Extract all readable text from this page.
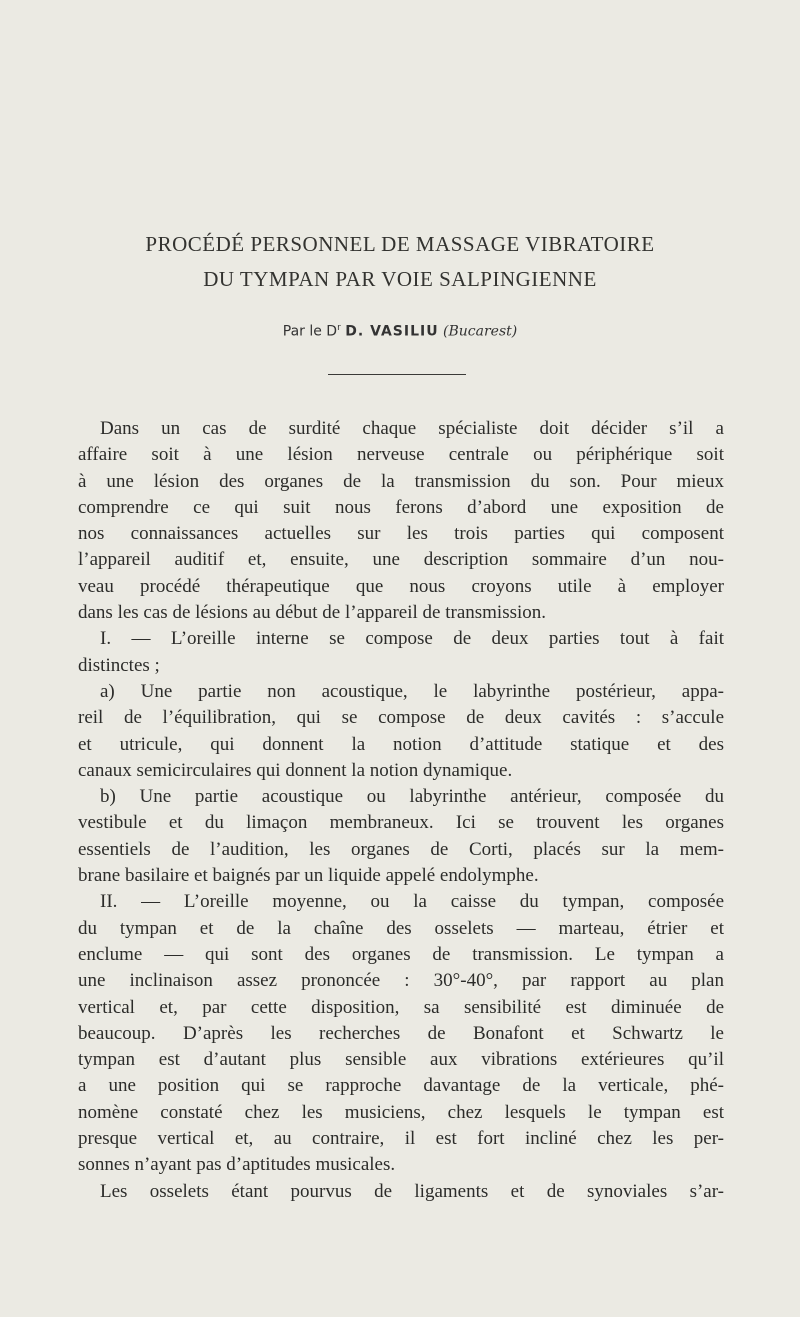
PROCÉDÉ PERSONNEL DE MASSAGE VIBRATOIRE
DU TYMPAN PAR VOIE SALPINGIENNE
Par le $D^r$ D. VASILIU (Bucarest)
Dans un cas de surdité chaque spécialiste doit décider s’il a
affaire soit à une lésion nerveuse centrale ou périphérique soit
à une lésion des organes de la transmission du son. Pour mieux
comprendre ce qui suit nous ferons d’abord une exposition de
nos connaissances actuelles sur les trois parties qui composent
l’appareil auditif et, ensuite, une description sommaire d’un nou-
veau procédé thérapeutique que nous croyons utile à employer
dans les cas de lésions au début de l’appareil de transmission.
I. — L’oreille interne se compose de deux parties tout à fait
distinctes ;
a) Une partie non acoustique, le labyrinthe postérieur, appa-
reil de l’équilibration, qui se compose de deux cavités : s’accule
et utricule, qui donnent la notion d’attitude statique et des
canaux semicirculaires qui donnent la notion dynamique.
b) Une partie acoustique ou labyrinthe antérieur, composée du
vestibule et du limaçon membraneux. Ici se trouvent les organes
essentiels de l’audition, les organes de Corti, placés sur la mem-
brane basilaire et baignés par un liquide appelé endolymphe.
II. — L’oreille moyenne, ou la caisse du tympan, composée
du tympan et de la chaîne des osselets — marteau, étrier et
enclume — qui sont des organes de transmission. Le tympan a
une inclinaison assez prononcée : 30°-40°, par rapport au plan
vertical et, par cette disposition, sa sensibilité est diminuée de
beaucoup. D’après les recherches de Bonafont et Schwartz le
tympan est d’autant plus sensible aux vibrations extérieures qu’il
a une position qui se rapproche davantage de la verticale, phé-
nomène constaté chez les musiciens, chez lesquels le tympan est
presque vertical et, au contraire, il est fort incliné chez les per-
sonnes n’ayant pas d’aptitudes musicales.
Les osselets étant pourvus de ligaments et de synoviales s’ar-
